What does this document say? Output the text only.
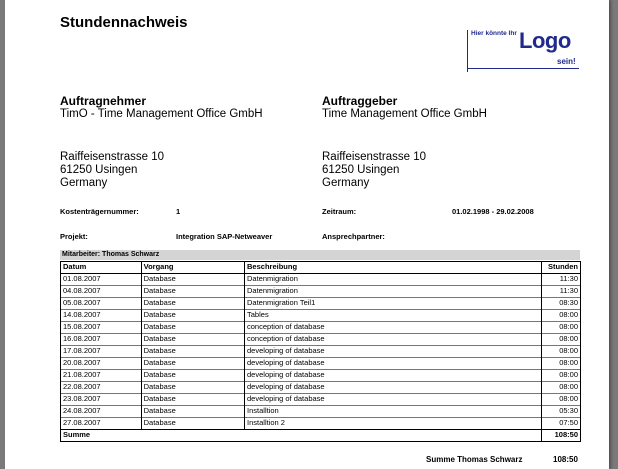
Stundennachweis
Hier könnte Ihr Logo
sein!
Auftragnehmer
TimO - Time Management Office GmbH
Raiffeisenstrasse 10
61250 Usingen
Germany
Auftraggeber
Time Management Office GmbH
Raiffeisenstrasse 10
61250 Usingen
Germany
Kostenträgernummer:	1	Zeitraum:	01.02.1998 - 29.02.2008
Projekt:	Integration SAP-Netweaver	Ansprechpartner:
Mitarbeiter: Thomas Schwarz
Datum	Vorgang	Beschreibung	Stunden
01.08.2007	Database	Datenmigration	11:30
04.08.2007	Database	Datenmigration	11:30
05.08.2007	Database	Datenmigration Teil1	08:30
14.08.2007	Database	Tables	08:00
15.08.2007	Database	conception of database	08:00
16.08.2007	Database	conception of database	08:00
17.08.2007	Database	developing of database	08:00
20.08.2007	Database	developing of database	08:00
21.08.2007	Database	developing of database	08:00
22.08.2007	Database	developing of database	08:00
23.08.2007	Database	developing of database	08:00
24.08.2007	Database	Installtion	05:30
27.08.2007	Database	Installtion 2	07:50
Summe			108:50
Summe Thomas Schwarz	108:50
